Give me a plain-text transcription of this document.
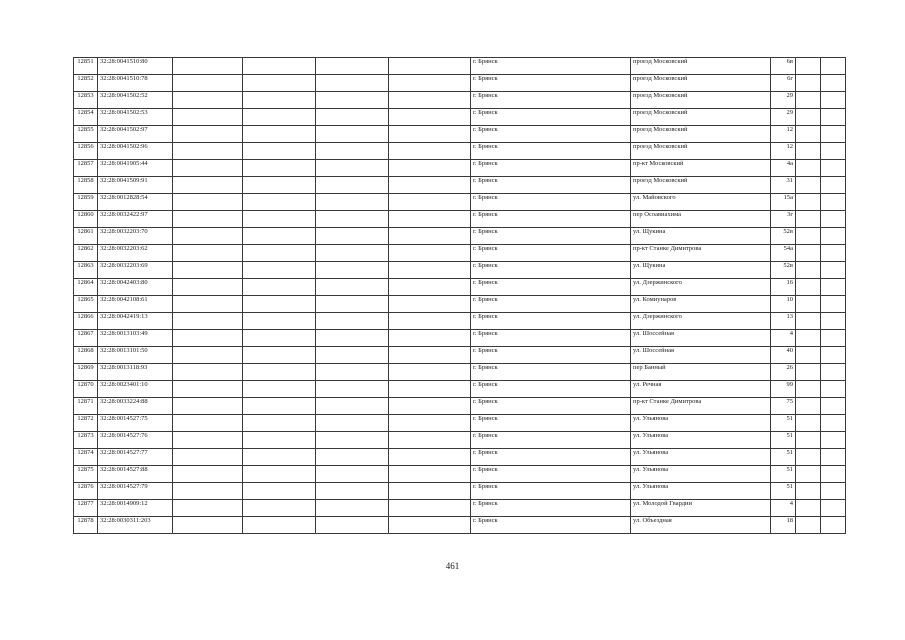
12851	32:28:0041510:80					г. Брянск	проезд Московский	6в			
12852	32:28:0041510:78					г. Брянск	проезд Московский	6г			
12853	32:28:0041502:52					г. Брянск	проезд Московский	29			
12854	32:28:0041502:53					г. Брянск	проезд Московский	29			
12855	32:28:0041502:97					г. Брянск	проезд Московский	12			
12856	32:28:0041502:96					г. Брянск	проезд Московский	12			
12857	32:28:0041905:44					г. Брянск	пр-кт Московский	4а			
12858	32:28:0041509:91					г. Брянск	проезд Московский	31			
12859	32:28:0012828:54					г. Брянск	ул. Майовского	15а			
12860	32:28:0032422:97					г. Брянск	пер Осоавиахима	3г			
12861	32:28:0032203:70					г. Брянск	ул. Щукина	52в			
12862	32:28:0032203:62					г. Брянск	пр-кт Станке Димитрова	54а			
12863	32:28:0032203:69					г. Брянск	ул. Щукина	52в			
12864	32:28:0042403:80					г. Брянск	ул. Дзержинского	16			
12865	32:28:0042108:61					г. Брянск	ул. Комиунаров	10			
12866	32:28:0042419:13					г. Брянск	ул. Дзержинского	13			
12867	32:28:0013103:49					г. Брянск	ул. Шоссейная	4			
12868	32:28:0013101:50					г. Брянск	ул. Шоссейная	40			
12869	32:28:0013118:93					г. Брянск	пер Банный	26			
12870	32:28:0023401:10					г. Брянск	ул. Речная	99			
12871	32:28:0033224:88					г. Брянск	пр-кт Станке Димитрова	75			
12872	32:28:0014527:75					г. Брянск	ул. Ульянова	51			
12873	32:28:0014527:76					г. Брянск	ул. Ульянова	51			
12874	32:28:0014527:77					г. Брянск	ул. Ульянова	51			
12875	32:28:0014527:88					г. Брянск	ул. Ульянова	51			
12876	32:28:0014527:79					г. Брянск	ул. Ульянова	51			
12877	32:28:0014909:12					г. Брянск	ул. Молодой Гвардии	4			
12878	32:28:0030311:203					г. Брянск	ул. Объездная	18			
461
